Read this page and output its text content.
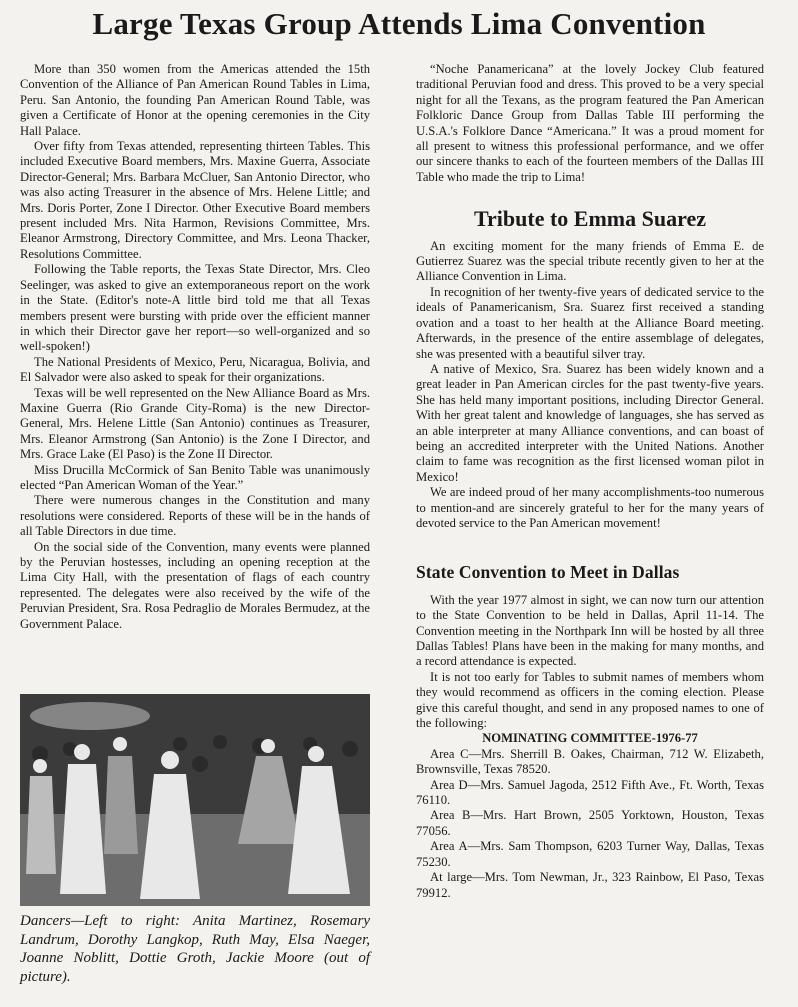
Large Texas Group Attends Lima Convention

More than 350 women from the Americas attended the 15th Convention of the Alliance of Pan American Round Tables in Lima, Peru. San Antonio, the founding Pan American Round Table, was given a Certificate of Honor at the opening ceremonies in the City Hall Palace.

Over fifty from Texas attended, representing thirteen Tables. This included Executive Board members, Mrs. Maxine Guerra, Associate Director-General; Mrs. Barbara McCluer, San Antonio Director, who was also acting Treasurer in the absence of Mrs. Helene Little; and Mrs. Doris Porter, Zone I Director. Other Executive Board members present included Mrs. Nita Harmon, Revisions Committee, Mrs. Eleanor Armstrong, Directory Committee, and Mrs. Leona Thacker, Resolutions Committee.

Following the Table reports, the Texas State Director, Mrs. Cleo Seelinger, was asked to give an extemporaneous report on the work in the State. (Editor's note-A little bird told me that all Texas members present were bursting with pride over the efficient manner in which their Director gave her report—so well-organized and so well-spoken!)

The National Presidents of Mexico, Peru, Nicaragua, Bolivia, and El Salvador were also asked to speak for their organizations.

Texas will be well represented on the New Alliance Board as Mrs. Maxine Guerra (Rio Grande City-Roma) is the new Director-General, Mrs. Helene Little (San Antonio) continues as Treasurer, Mrs. Eleanor Armstrong (San Antonio) is the Zone I Director, and Mrs. Grace Lake (El Paso) is the Zone II Director.

Miss Drucilla McCormick of San Benito Table was unanimously elected “Pan American Woman of the Year.”

There were numerous changes in the Constitution and many resolutions were considered. Reports of these will be in the hands of all Table Directors in due time.

On the social side of the Convention, many events were planned by the Peruvian hostesses, including an opening reception at the Lima City Hall, with the presentation of flags of each country represented. The delegates were also received by the wife of the Peruvian President, Sra. Rosa Pedraglio de Morales Bermudez, at the Government Palace.

Dancers—Left to right: Anita Martinez, Rosemary Landrum, Dorothy Langkop, Ruth May, Elsa Naeger, Joanne Noblitt, Dottie Groth, Jackie Moore (out of picture).

“Noche Panamericana” at the lovely Jockey Club featured traditional Peruvian food and dress. This proved to be a very special night for all the Texans, as the program featured the Pan American Folkloric Dance Group from Dallas Table III performing the U.S.A.'s Folklore Dance “Americana.” It was a proud moment for all present to witness this professional performance, and we offer our sincere thanks to each of the fourteen members of the Dallas III Table who made the trip to Lima!

Tribute to Emma Suarez

An exciting moment for the many friends of Emma E. de Gutierrez Suarez was the special tribute recently given to her at the Alliance Convention in Lima.

In recognition of her twenty-five years of dedicated service to the ideals of Panamericanism, Sra. Suarez first received a standing ovation and a toast to her health at the Alliance Board meeting. Afterwards, in the presence of the entire assemblage of delegates, she was presented with a beautiful silver tray.

A native of Mexico, Sra. Suarez has been widely known and a great leader in Pan American circles for the past twenty-five years. She has held many important positions, including Director General. With her great talent and knowledge of languages, she has served as an able interpreter at many Alliance conventions, and can boast of being an accredited interpreter with the United Nations. Another claim to fame was recognition as the first licensed woman pilot in Mexico!

We are indeed proud of her many accomplishments-too numerous to mention-and are sincerely grateful to her for the many years of devoted service to the Pan American movement!

State Convention to Meet in Dallas

With the year 1977 almost in sight, we can now turn our attention to the State Convention to be held in Dallas, April 11-14. The Convention meeting in the Northpark Inn will be hosted by all three Dallas Tables! Plans have been in the making for many months, and a record attendance is expected.

It is not too early for Tables to submit names of members whom they would recommend as officers in the coming election. Please give this careful thought, and send in any proposed names to one of the following:

NOMINATING COMMITTEE-1976-77

Area C—Mrs. Sherrill B. Oakes, Chairman, 712 W. Elizabeth, Brownsville, Texas 78520.

Area D—Mrs. Samuel Jagoda, 2512 Fifth Ave., Ft. Worth, Texas 76110.

Area B—Mrs. Hart Brown, 2505 Yorktown, Houston, Texas 77056.

Area A—Mrs. Sam Thompson, 6203 Turner Way, Dallas, Texas 75230.

At large—Mrs. Tom Newman, Jr., 323 Rainbow, El Paso, Texas 79912.
